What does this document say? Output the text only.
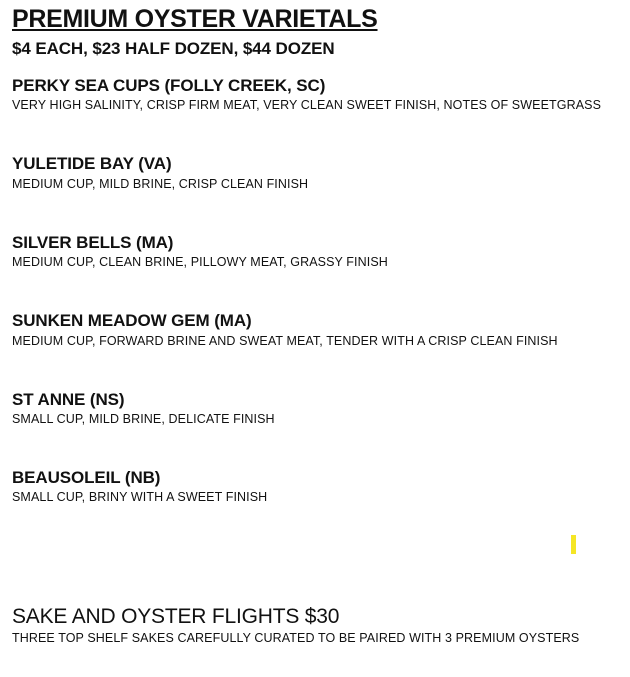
PREMIUM OYSTER VARIETALS
$4 EACH, $23 HALF DOZEN, $44 DOZEN
PERKY SEA CUPS (FOLLY CREEK, SC)
VERY HIGH SALINITY, CRISP FIRM MEAT, VERY CLEAN SWEET FINISH, NOTES OF SWEETGRASS
YULETIDE BAY (VA)
MEDIUM CUP, MILD BRINE, CRISP CLEAN FINISH
SILVER BELLS (MA)
MEDIUM CUP, CLEAN BRINE, PILLOWY MEAT, GRASSY FINISH
SUNKEN MEADOW GEM (MA)
MEDIUM CUP, FORWARD BRINE AND SWEAT MEAT, TENDER WITH A CRISP CLEAN FINISH
ST ANNE (NS)
SMALL CUP, MILD BRINE, DELICATE FINISH
BEAUSOLEIL (NB)
SMALL CUP, BRINY WITH A SWEET FINISH
SAKE AND OYSTER FLIGHTS $30
THREE TOP SHELF SAKES CAREFULLY CURATED TO BE PAIRED WITH 3 PREMIUM OYSTERS
